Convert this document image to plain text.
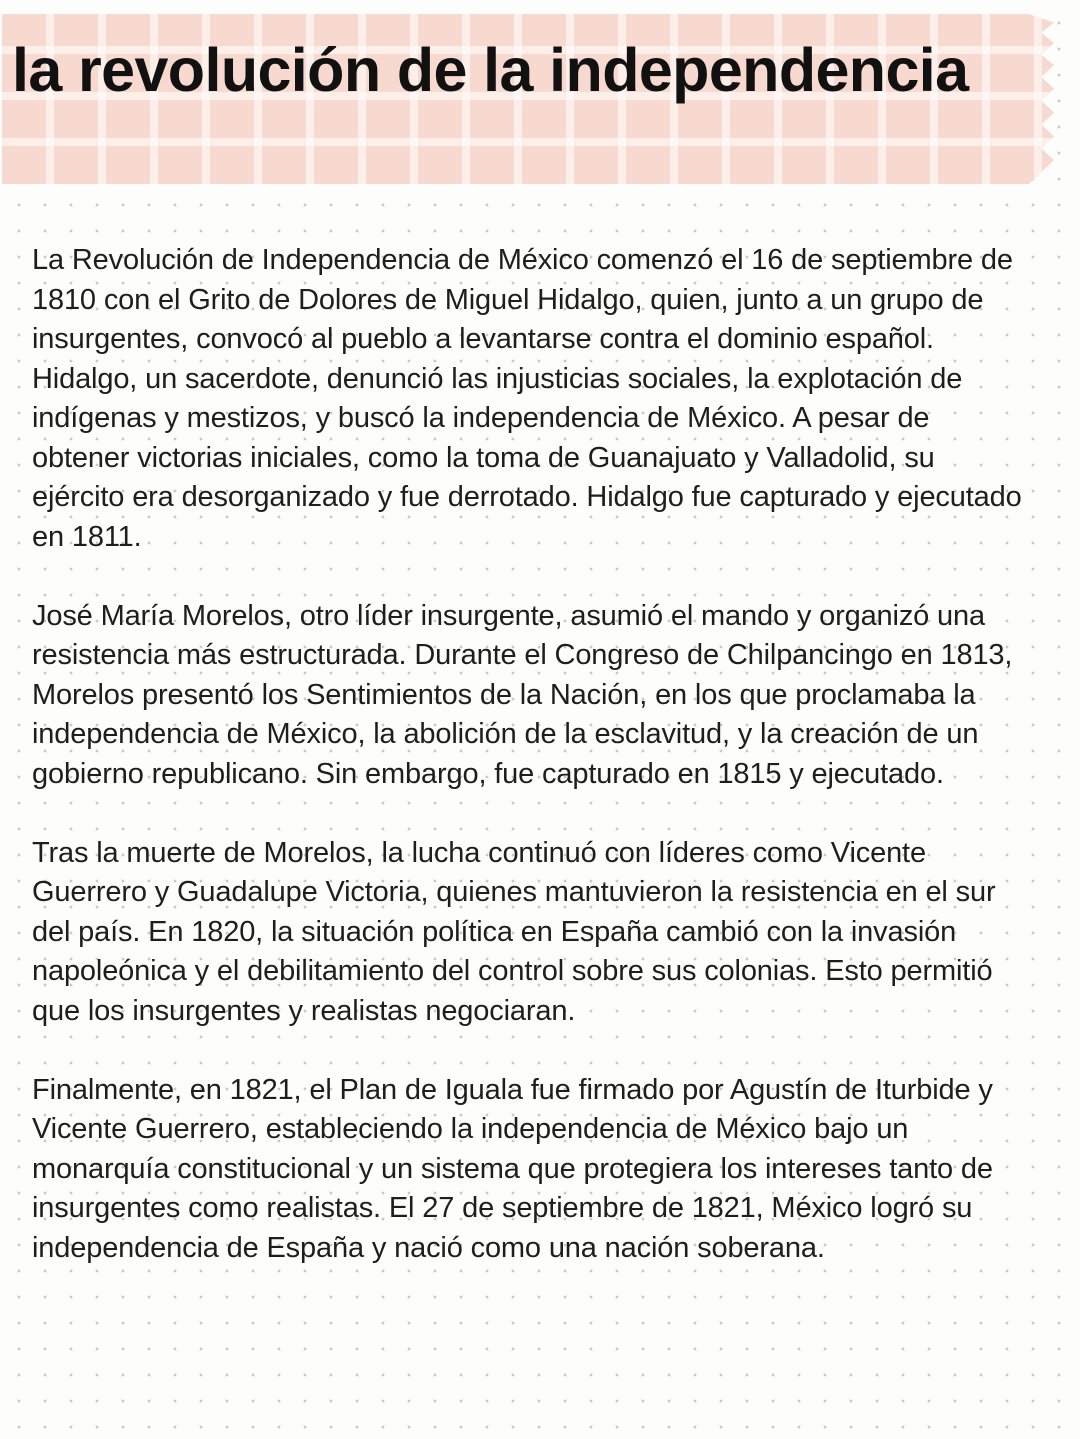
la revolución de la independencia

La Revolución de Independencia de México comenzó el 16 de septiembre de 1810 con el Grito de Dolores de Miguel Hidalgo, quien, junto a un grupo de insurgentes, convocó al pueblo a levantarse contra el dominio español. Hidalgo, un sacerdote, denunció las injusticias sociales, la explotación de indígenas y mestizos, y buscó la independencia de México. A pesar de obtener victorias iniciales, como la toma de Guanajuato y Valladolid, su ejército era desorganizado y fue derrotado. Hidalgo fue capturado y ejecutado en 1811.

José María Morelos, otro líder insurgente, asumió el mando y organizó una resistencia más estructurada. Durante el Congreso de Chilpancingo en 1813, Morelos presentó los Sentimientos de la Nación, en los que proclamaba la independencia de México, la abolición de la esclavitud, y la creación de un gobierno republicano. Sin embargo, fue capturado en 1815 y ejecutado.

Tras la muerte de Morelos, la lucha continuó con líderes como Vicente Guerrero y Guadalupe Victoria, quienes mantuvieron la resistencia en el sur del país. En 1820, la situación política en España cambió con la invasión napoleónica y el debilitamiento del control sobre sus colonias. Esto permitió que los insurgentes y realistas negociaran.

Finalmente, en 1821, el Plan de Iguala fue firmado por Agustín de Iturbide y Vicente Guerrero, estableciendo la independencia de México bajo un monarquía constitucional y un sistema que protegiera los intereses tanto de insurgentes como realistas. El 27 de septiembre de 1821, México logró su independencia de España y nació como una nación soberana.
